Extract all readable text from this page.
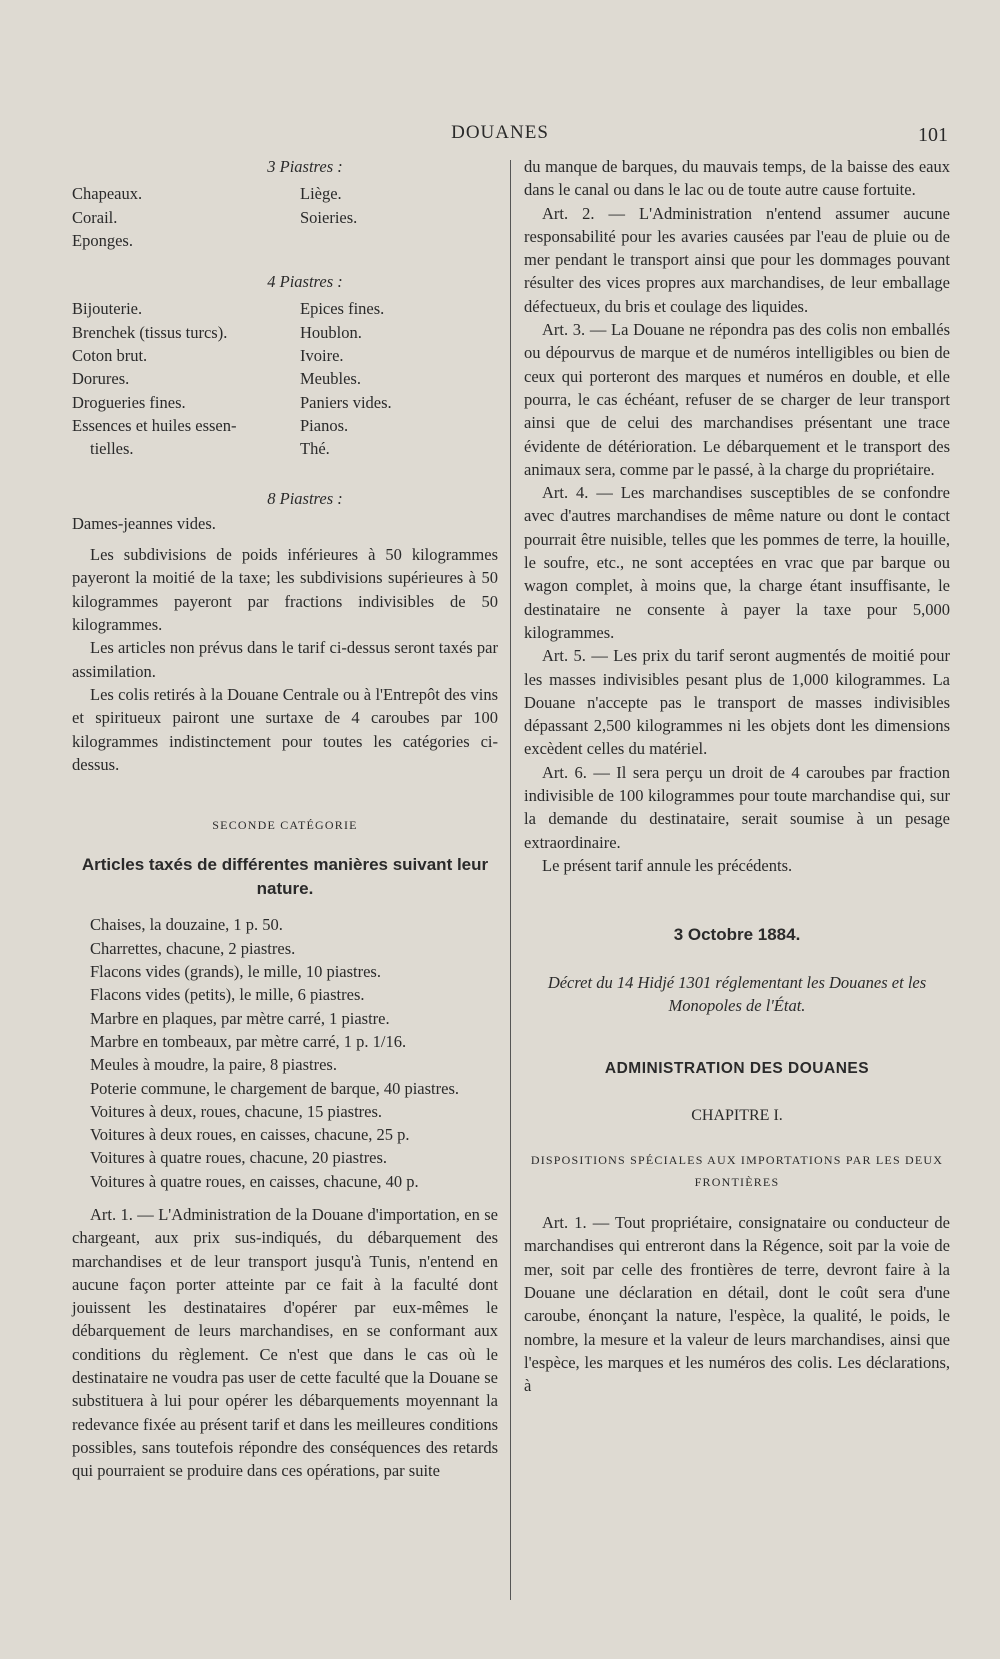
DOUANES	101
3 Piastres :
Chapeaux.	Liège.
Corail.	Soieries.
Eponges.
4 Piastres :
Bijouterie.	Epices fines.
Brenchek (tissus turcs).	Houblon.
Coton brut.	Ivoire.
Dorures.	Meubles.
Drogueries fines.	Paniers vides.
Essences et huiles essen-	Pianos.
tielles.	Thé.
8 Piastres :
Dames-jeannes vides.

Les subdivisions de poids inférieures à 50 kilogrammes payeront la moitié de la taxe; les subdivisions supérieures à 50 kilogrammes payeront par fractions indivisibles de 50 kilogrammes.

Les articles non prévus dans le tarif ci-dessus seront taxés par assimilation.

Les colis retirés à la Douane Centrale ou à l'Entrepôt des vins et spiritueux pairont une surtaxe de 4 caroubes par 100 kilogrammes indistinctement pour toutes les catégories ci-dessus.

SECONDE CATÉGORIE

Articles taxés de différentes manières suivant leur nature.

Chaises, la douzaine, 1 p. 50.
Charrettes, chacune, 2 piastres.
Flacons vides (grands), le mille, 10 piastres.
Flacons vides (petits), le mille, 6 piastres.
Marbre en plaques, par mètre carré, 1 piastre.
Marbre en tombeaux, par mètre carré, 1 p. 1/16.
Meules à moudre, la paire, 8 piastres.
Poterie commune, le chargement de barque, 40 piastres.
Voitures à deux, roues, chacune, 15 piastres.
Voitures à deux roues, en caisses, chacune, 25 p.
Voitures à quatre roues, chacune, 20 piastres.
Voitures à quatre roues, en caisses, chacune, 40 p.

Art. 1. — L'Administration de la Douane d'importation, en se chargeant, aux prix sus-indiqués, du débarquement des marchandises et de leur transport jusqu'à Tunis, n'entend en aucune façon porter atteinte par ce fait à la faculté dont jouissent les destinataires d'opérer par eux-mêmes le débarquement de leurs marchandises, en se conformant aux conditions du règlement. Ce n'est que dans le cas où le destinataire ne voudra pas user de cette faculté que la Douane se substituera à lui pour opérer les débarquements moyennant la redevance fixée au présent tarif et dans les meilleures conditions possibles, sans toutefois répondre des conséquences des retards qui pourraient se produire dans ces opérations, par suite

du manque de barques, du mauvais temps, de la baisse des eaux dans le canal ou dans le lac ou de toute autre cause fortuite.

Art. 2. — L'Administration n'entend assumer aucune responsabilité pour les avaries causées par l'eau de pluie ou de mer pendant le transport ainsi que pour les dommages pouvant résulter des vices propres aux marchandises, de leur emballage défectueux, du bris et coulage des liquides.

Art. 3. — La Douane ne répondra pas des colis non emballés ou dépourvus de marque et de numéros intelligibles ou bien de ceux qui porteront des marques et numéros en double, et elle pourra, le cas échéant, refuser de se charger de leur transport ainsi que de celui des marchandises présentant une trace évidente de détérioration. Le débarquement et le transport des animaux sera, comme par le passé, à la charge du propriétaire.

Art. 4. — Les marchandises susceptibles de se confondre avec d'autres marchandises de même nature ou dont le contact pourrait être nuisible, telles que les pommes de terre, la houille, le soufre, etc., ne sont acceptées en vrac que par barque ou wagon complet, à moins que, la charge étant insuffisante, le destinataire ne consente à payer la taxe pour 5,000 kilogrammes.

Art. 5. — Les prix du tarif seront augmentés de moitié pour les masses indivisibles pesant plus de 1,000 kilogrammes. La Douane n'accepte pas le transport de masses indivisibles dépassant 2,500 kilogrammes ni les objets dont les dimensions excèdent celles du matériel.

Art. 6. — Il sera perçu un droit de 4 caroubes par fraction indivisible de 100 kilogrammes pour toute marchandise qui, sur la demande du destinataire, serait soumise à un pesage extraordinaire.

Le présent tarif annule les précédents.

3 Octobre 1884.

Décret du 14 Hidjé 1301 réglementant les Douanes et les Monopoles de l'État.

ADMINISTRATION DES DOUANES

CHAPITRE I.

DISPOSITIONS SPÉCIALES AUX IMPORTATIONS PAR LES DEUX FRONTIÈRES

Art. 1. — Tout propriétaire, consignataire ou conducteur de marchandises qui entreront dans la Régence, soit par la voie de mer, soit par celle des frontières de terre, devront faire à la Douane une déclaration en détail, dont le coût sera d'une caroube, énonçant la nature, l'espèce, la qualité, le poids, le nombre, la mesure et la valeur de leurs marchandises, ainsi que l'espèce, les marques et les numéros des colis. Les déclarations, à
